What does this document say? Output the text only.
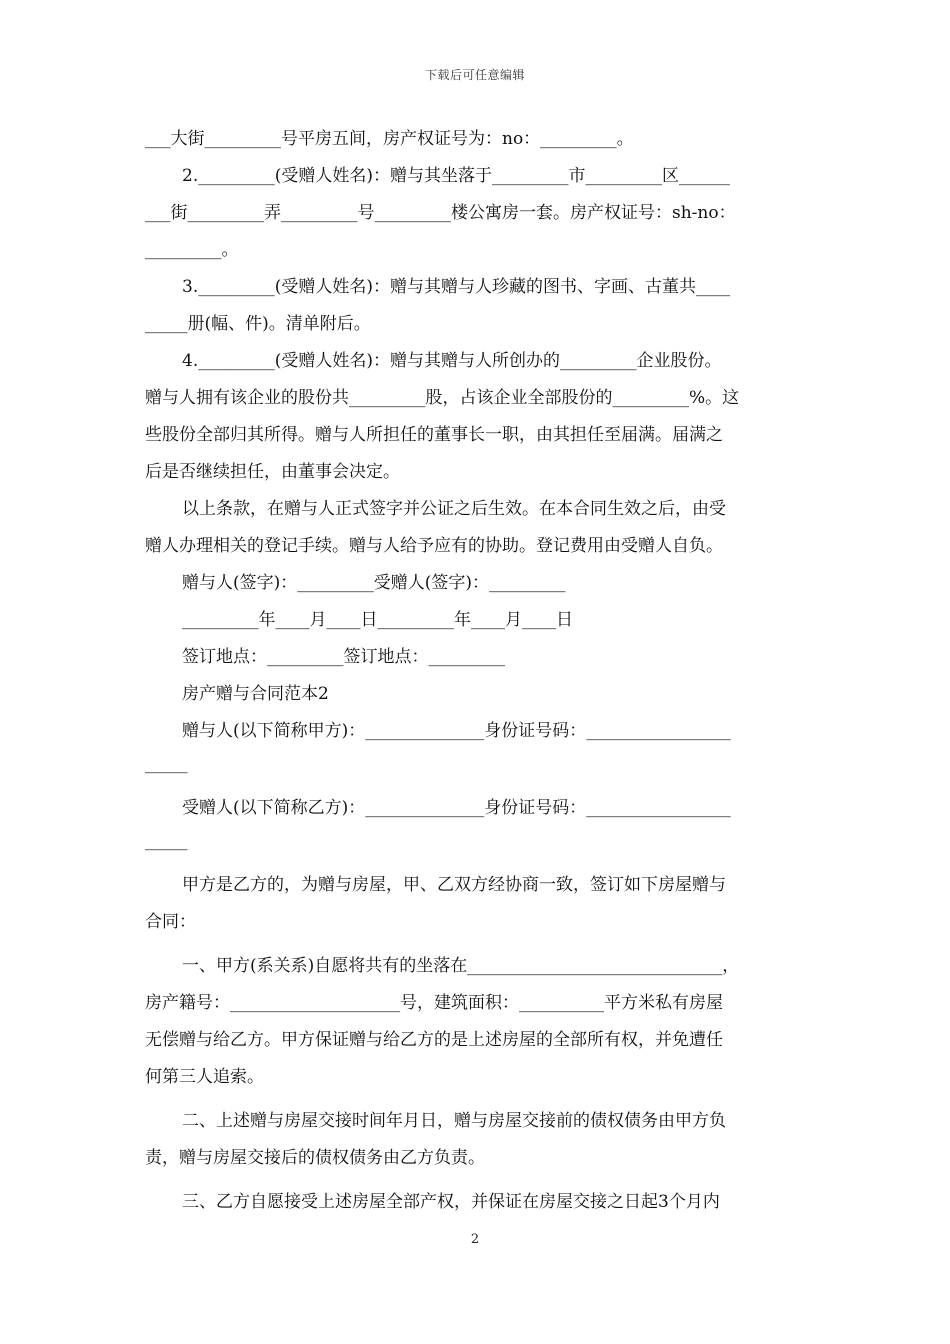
下载后可任意编辑
___大街_________号平房五间，房产权证号为：no：_________。
2._________(受赠人姓名)：赠与其坐落于_________市_________区______
___街_________弄_________号_________楼公寓房一套。房产权证号：sh-no：
_________。
3._________(受赠人姓名)：赠与其赠与人珍藏的图书、字画、古董共____
_____册(幅、件)。清单附后。
4._________(受赠人姓名)：赠与其赠与人所创办的_________企业股份。
赠与人拥有该企业的股份共_________股，占该企业全部股份的_________%。这
些股份全部归其所得。赠与人所担任的董事长一职，由其担任至届满。届满之
后是否继续担任，由董事会决定。
以上条款，在赠与人正式签字并公证之后生效。在本合同生效之后，由受
赠人办理相关的登记手续。赠与人给予应有的协助。登记费用由受赠人自负。
赠与人(签字)：_________受赠人(签字)：_________
_________年____月____日_________年____月____日
签订地点：_________签订地点：_________
房产赠与合同范本2
赠与人(以下简称甲方)：______________身份证号码：_________________
_____
受赠人(以下简称乙方)：______________身份证号码：_________________
_____
甲方是乙方的，为赠与房屋，甲、乙双方经协商一致，签订如下房屋赠与
合同：
一、甲方(系关系)自愿将共有的坐落在______________________________，
房产籍号：____________________号，建筑面积：__________平方米私有房屋
无偿赠与给乙方。甲方保证赠与给乙方的是上述房屋的全部所有权，并免遭任
何第三人追索。
二、上述赠与房屋交接时间年月日，赠与房屋交接前的债权债务由甲方负
责，赠与房屋交接后的债权债务由乙方负责。
三、乙方自愿接受上述房屋全部产权，并保证在房屋交接之日起3个月内
2
